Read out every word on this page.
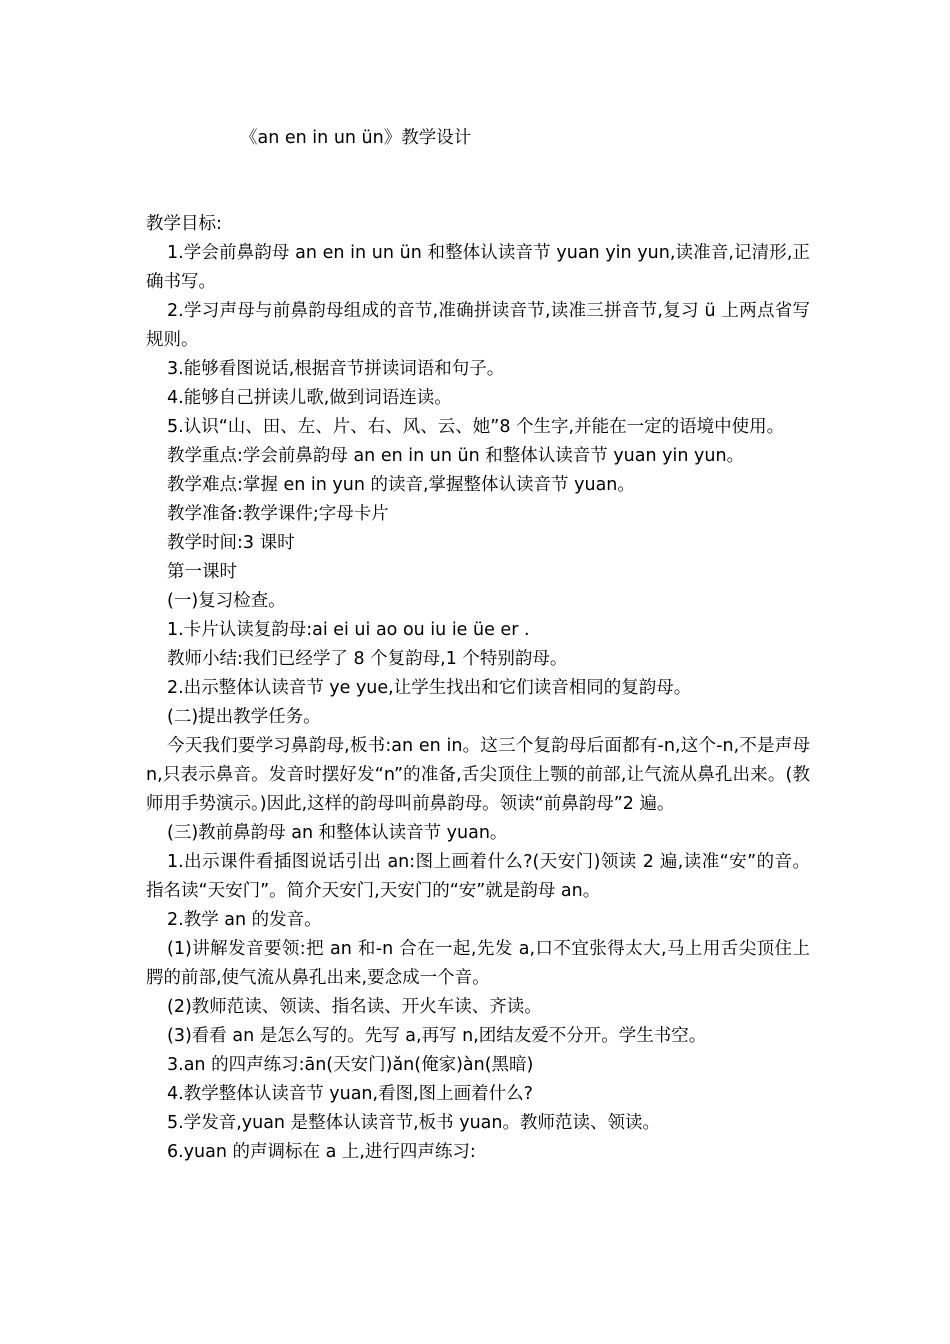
《an en in un ün》教学设计

教学目标:

1.学会前鼻韵母 an en in un ün 和整体认读音节 yuan yin yun,读准音,记清形,正确书写。

2.学习声母与前鼻韵母组成的音节,准确拼读音节,读准三拼音节,复习 ü 上两点省写规则。

3.能够看图说话,根据音节拼读词语和句子。

4.能够自己拼读儿歌,做到词语连读。

5.认识“山、田、左、片、右、风、云、她”8 个生字,并能在一定的语境中使用。

教学重点:学会前鼻韵母 an en in un ün 和整体认读音节 yuan yin yun。

教学难点:掌握 en in yun 的读音,掌握整体认读音节 yuan。

教学准备:教学课件;字母卡片

教学时间:3 课时

第一课时

(一)复习检查。

1.卡片认读复韵母:ai ei ui ao ou iu ie üe er .

教师小结:我们已经学了 8 个复韵母,1 个特别韵母。

2.出示整体认读音节 ye yue,让学生找出和它们读音相同的复韵母。

(二)提出教学任务。

今天我们要学习鼻韵母,板书:an en in。这三个复韵母后面都有-n,这个-n,不是声母 n,只表示鼻音。发音时摆好发“n”的准备,舌尖顶住上颚的前部,让气流从鼻孔出来。(教师用手势演示。)因此,这样的韵母叫前鼻韵母。领读“前鼻韵母”2 遍。

(三)教前鼻韵母 an 和整体认读音节 yuan。

1.出示课件看插图说话引出 an:图上画着什么?(天安门)领读 2 遍,读准“安”的音。指名读“天安门”。简介天安门,天安门的“安”就是韵母 an。

2.教学 an 的发音。

(1)讲解发音要领:把 an 和-n 合在一起,先发 a,口不宜张得太大,马上用舌尖顶住上腭的前部,使气流从鼻孔出来,要念成一个音。

(2)教师范读、领读、指名读、开火车读、齐读。

(3)看看 an 是怎么写的。先写 a,再写 n,团结友爱不分开。学生书空。

3.an 的四声练习:ān(天安门)ǎn(俺家)àn(黑暗)

4.教学整体认读音节 yuan,看图,图上画着什么?

5.学发音,yuan 是整体认读音节,板书 yuan。教师范读、领读。

6.yuan 的声调标在 a 上,进行四声练习:
